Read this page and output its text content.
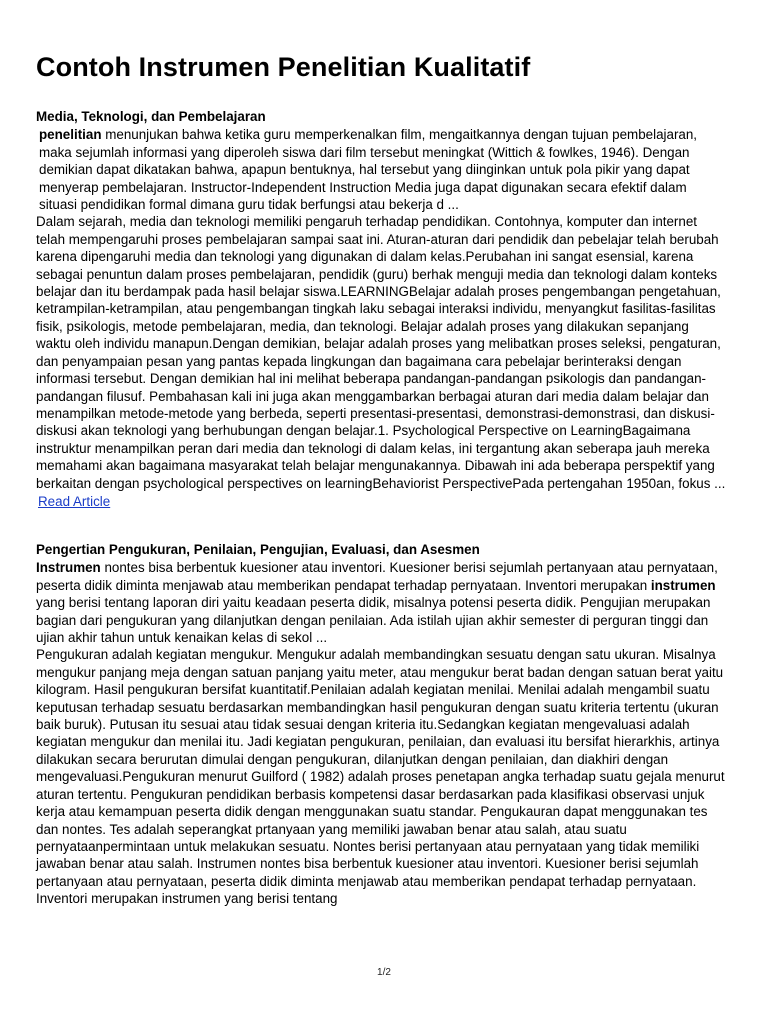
Contoh Instrumen Penelitian Kualitatif
Media, Teknologi, dan Pembelajaran

penelitian menunjukan bahwa ketika guru memperkenalkan film, mengaitkannya dengan tujuan pembelajaran, maka sejumlah informasi yang diperoleh siswa dari film tersebut meningkat (Wittich & fowlkes, 1946). Dengan demikian dapat dikatakan bahwa, apapun bentuknya, hal tersebut yang diinginkan untuk pola pikir yang dapat menyerap pembelajaran. Instructor-Independent Instruction Media juga dapat digunakan secara efektif dalam situasi pendidikan formal dimana guru tidak berfungsi atau bekerja d ...

Dalam sejarah, media dan teknologi memiliki pengaruh terhadap pendidikan. Contohnya, komputer dan internet telah mempengaruhi proses pembelajaran sampai saat ini. Aturan-aturan dari pendidik dan pebelajar telah berubah karena dipengaruhi media dan teknologi yang digunakan di dalam kelas.Perubahan ini sangat esensial, karena sebagai penuntun dalam proses pembelajaran, pendidik (guru) berhak menguji media dan teknologi dalam konteks belajar dan itu berdampak pada hasil belajar siswa.LEARNINGBelajar adalah proses pengembangan pengetahuan, ketrampilan-ketrampilan, atau pengembangan tingkah laku sebagai interaksi individu, menyangkut fasilitas-fasilitas fisik, psikologis, metode pembelajaran, media, dan teknologi. Belajar adalah proses yang dilakukan sepanjang waktu oleh individu manapun.Dengan demikian, belajar adalah proses yang melibatkan proses seleksi, pengaturan, dan penyampaian pesan yang pantas kepada lingkungan dan bagaimana cara pebelajar berinteraksi dengan informasi tersebut. Dengan demikian hal ini melihat beberapa pandangan-pandangan psikologis dan pandangan-pandangan filusuf. Pembahasan kali ini juga akan menggambarkan berbagai aturan dari media dalam belajar dan menampilkan metode-metode yang berbeda, seperti presentasi-presentasi, demonstrasi-demonstrasi, dan diskusi-diskusi akan teknologi yang berhubungan dengan belajar.1. Psychological Perspective on LearningBagaimana instruktur menampilkan peran dari media dan teknologi di dalam kelas, ini tergantung akan seberapa jauh mereka memahami akan bagaimana masyarakat telah belajar mengunakannya. Dibawah ini ada beberapa perspektif yang berkaitan dengan psychological perspectives on learningBehaviorist PerspectivePada pertengahan 1950an, fokus ...

Read Article
Pengertian Pengukuran, Penilaian, Pengujian, Evaluasi, dan Asesmen

Instrumen nontes bisa berbentuk kuesioner atau inventori. Kuesioner berisi sejumlah pertanyaan atau pernyataan, peserta didik diminta menjawab atau memberikan pendapat terhadap pernyataan. Inventori merupakan instrumen yang berisi tentang laporan diri yaitu keadaan peserta didik, misalnya potensi peserta didik. Pengujian merupakan bagian dari pengukuran yang dilanjutkan dengan penilaian. Ada istilah ujian akhir semester di perguran tinggi dan ujian akhir tahun untuk kenaikan kelas di sekol ...

Pengukuran adalah kegiatan mengukur. Mengukur adalah membandingkan sesuatu dengan satu ukuran. Misalnya mengukur panjang meja dengan satuan panjang yaitu meter, atau mengukur berat badan dengan satuan berat yaitu kilogram. Hasil pengukuran bersifat kuantitatif.Penilaian adalah kegiatan menilai. Menilai adalah mengambil suatu keputusan terhadap sesuatu berdasarkan membandingkan hasil pengukuran dengan suatu kriteria tertentu (ukuran baik buruk). Putusan itu sesuai atau tidak sesuai dengan kriteria itu.Sedangkan kegiatan mengevaluasi adalah kegiatan mengukur dan menilai itu. Jadi kegiatan pengukuran, penilaian, dan evaluasi itu bersifat hierarkhis, artinya dilakukan secara berurutan dimulai dengan pengukuran, dilanjutkan dengan penilaian, dan diakhiri dengan mengevaluasi.Pengukuran menurut Guilford ( 1982) adalah proses penetapan angka terhadap suatu gejala menurut aturan tertentu. Pengukuran pendidikan berbasis kompetensi dasar berdasarkan pada klasifikasi observasi unjuk kerja atau kemampuan peserta didik dengan menggunakan suatu standar. Pengukauran dapat menggunakan tes dan nontes. Tes adalah seperangkat prtanyaan yang memiliki jawaban benar atau salah, atau suatu pernyataanpermintaan untuk melakukan sesuatu. Nontes berisi pertanyaan atau pernyataan yang tidak memiliki jawaban benar atau salah. Instrumen nontes bisa berbentuk kuesioner atau inventori. Kuesioner berisi sejumlah pertanyaan atau pernyataan, peserta didik diminta menjawab atau memberikan pendapat terhadap pernyataan. Inventori merupakan instrumen yang berisi tentang

1/2
